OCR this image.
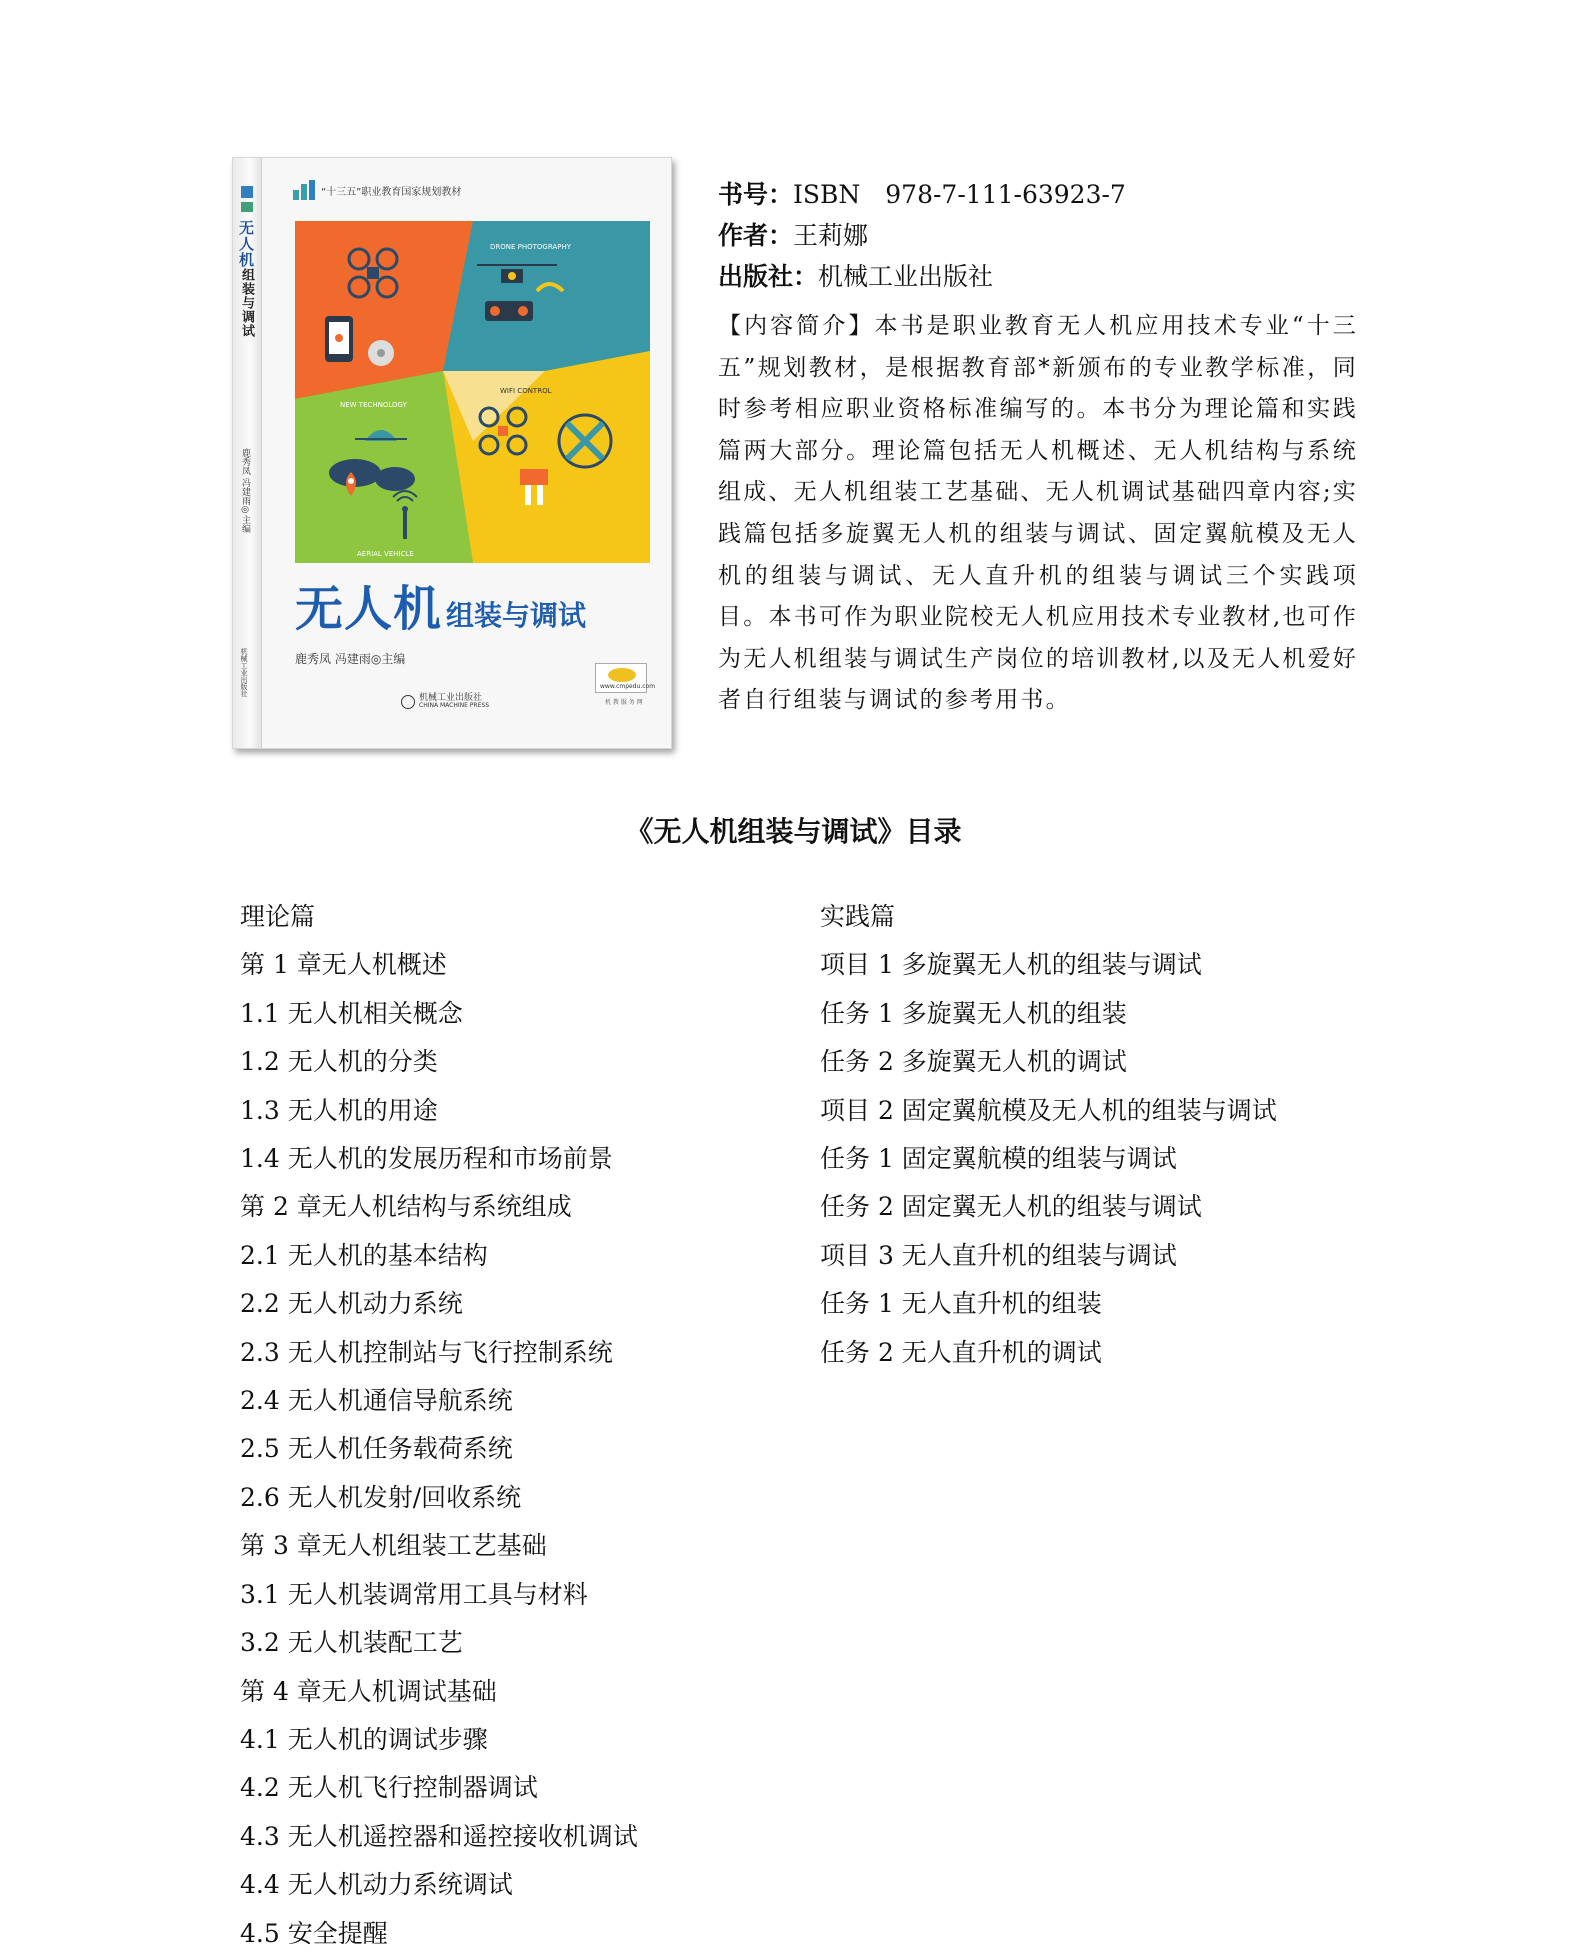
无人机组装与调试
鹿秀凤 冯建雨◎主编
机械工业出版社
“十三五”职业教育国家规划教材
DRONE PHOTOGRAPHY
NEW TECHNOLOGY
AERIAL VEHICLE
WIFI CONTROL
无人机 组装与调试
鹿秀凤 冯建雨◎主编
机械工业出版社
CHINA MACHINE PRESS
www.cmpedu.com
机 教 服 务 网
书号：ISBN　978-7-111-63923-7
作者：王莉娜
出版社：机械工业出版社
【内容简介】本书是职业教育无人机应用技术专业“十三五”规划教材，是根据教育部*新颁布的专业教学标准，同时参考相应职业资格标准编写的。本书分为理论篇和实践篇两大部分。理论篇包括无人机概述、无人机结构与系统组成、无人机组装工艺基础、无人机调试基础四章内容;实践篇包括多旋翼无人机的组装与调试、固定翼航模及无人机的组装与调试、无人直升机的组装与调试三个实践项目。本书可作为职业院校无人机应用技术专业教材,也可作为无人机组装与调试生产岗位的培训教材,以及无人机爱好者自行组装与调试的参考用书。
《无人机组装与调试》目录
理论篇
第 1 章无人机概述
1.1 无人机相关概念
1.2 无人机的分类
1.3 无人机的用途
1.4 无人机的发展历程和市场前景
第 2 章无人机结构与系统组成
2.1 无人机的基本结构
2.2 无人机动力系统
2.3 无人机控制站与飞行控制系统
2.4 无人机通信导航系统
2.5 无人机任务载荷系统
2.6 无人机发射/回收系统
第 3 章无人机组装工艺基础
3.1 无人机装调常用工具与材料
3.2 无人机装配工艺
第 4 章无人机调试基础
4.1 无人机的调试步骤
4.2 无人机飞行控制器调试
4.3 无人机遥控器和遥控接收机调试
4.4 无人机动力系统调试
4.5 安全提醒
实践篇
项目 1 多旋翼无人机的组装与调试
任务 1 多旋翼无人机的组装
任务 2 多旋翼无人机的调试
项目 2 固定翼航模及无人机的组装与调试
任务 1 固定翼航模的组装与调试
任务 2 固定翼无人机的组装与调试
项目 3 无人直升机的组装与调试
任务 1 无人直升机的组装
任务 2 无人直升机的调试
